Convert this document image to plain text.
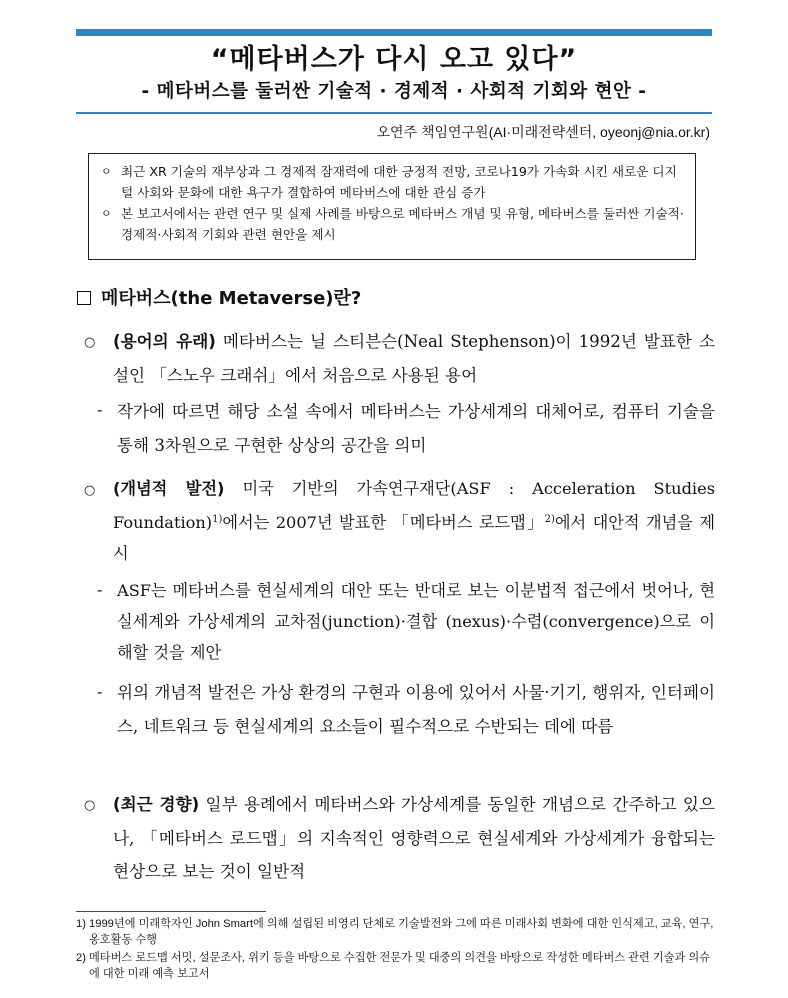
“메타버스가 다시 오고 있다”
- 메타버스를 둘러싼 기술적 · 경제적 · 사회적 기회와 현안 -
오연주 책임연구원(AI·미래전략센터, oyeonj@nia.or.kr)
ㅇ 최근 XR 기술의 재부상과 그 경제적 잠재력에 대한 긍정적 전망, 코로나19가 가속화 시킨 새로운 디지털 사회와 문화에 대한 욕구가 결합하여 메타버스에 대한 관심 증가
ㅇ 본 보고서에서는 관련 연구 및 실제 사례를 바탕으로 메타버스 개념 및 유형, 메타버스를 둘러싼 기술적·경제적·사회적 기회와 관련 현안을 제시
메타버스(the Metaverse)란?
○ (용어의 유래) 메타버스는 닐 스티븐슨(Neal Stephenson)이 1992년 발표한 소설인 「스노우 크래쉬」에서 처음으로 사용된 용어
- 작가에 따르면 해당 소설 속에서 메타버스는 가상세계의 대체어로, 컴퓨터 기술을 통해 3차원으로 구현한 상상의 공간을 의미
○ (개념적 발전) 미국 기반의 가속연구재단(ASF : Acceleration Studies Foundation)$^{1)}$에서는 2007년 발표한 「메타버스 로드맵」$^{2)}$에서 대안적 개념을 제시
- ASF는 메타버스를 현실세계의 대안 또는 반대로 보는 이분법적 접근에서 벗어나, 현실세계와 가상세계의 교차점(junction)·결합 (nexus)·수렴(convergence)으로 이해할 것을 제안
- 위의 개념적 발전은 가상 환경의 구현과 이용에 있어서 사물·기기, 행위자, 인터페이스, 네트워크 등 현실세계의 요소들이 필수적으로 수반되는 데에 따름
○ (최근 경향) 일부 용례에서 메타버스와 가상세계를 동일한 개념으로 간주하고 있으나, 「메타버스 로드맵」의 지속적인 영향력으로 현실세계와 가상세계가 융합되는 현상으로 보는 것이 일반적
1) 1999년에 미래학자인 John Smart에 의해 설립된 비영리 단체로 기술발전와 그에 따른 미래사회 변화에 대한 인식제고, 교육, 연구, 옹호활동 수행
2) 메타버스 로드맵 서밋, 설문조사, 위키 등을 바탕으로 수집한 전문가 및 대중의 의견을 바탕으로 작성한 메타버스 관련 기술과 의슈에 대한 미래 예측 보고서
